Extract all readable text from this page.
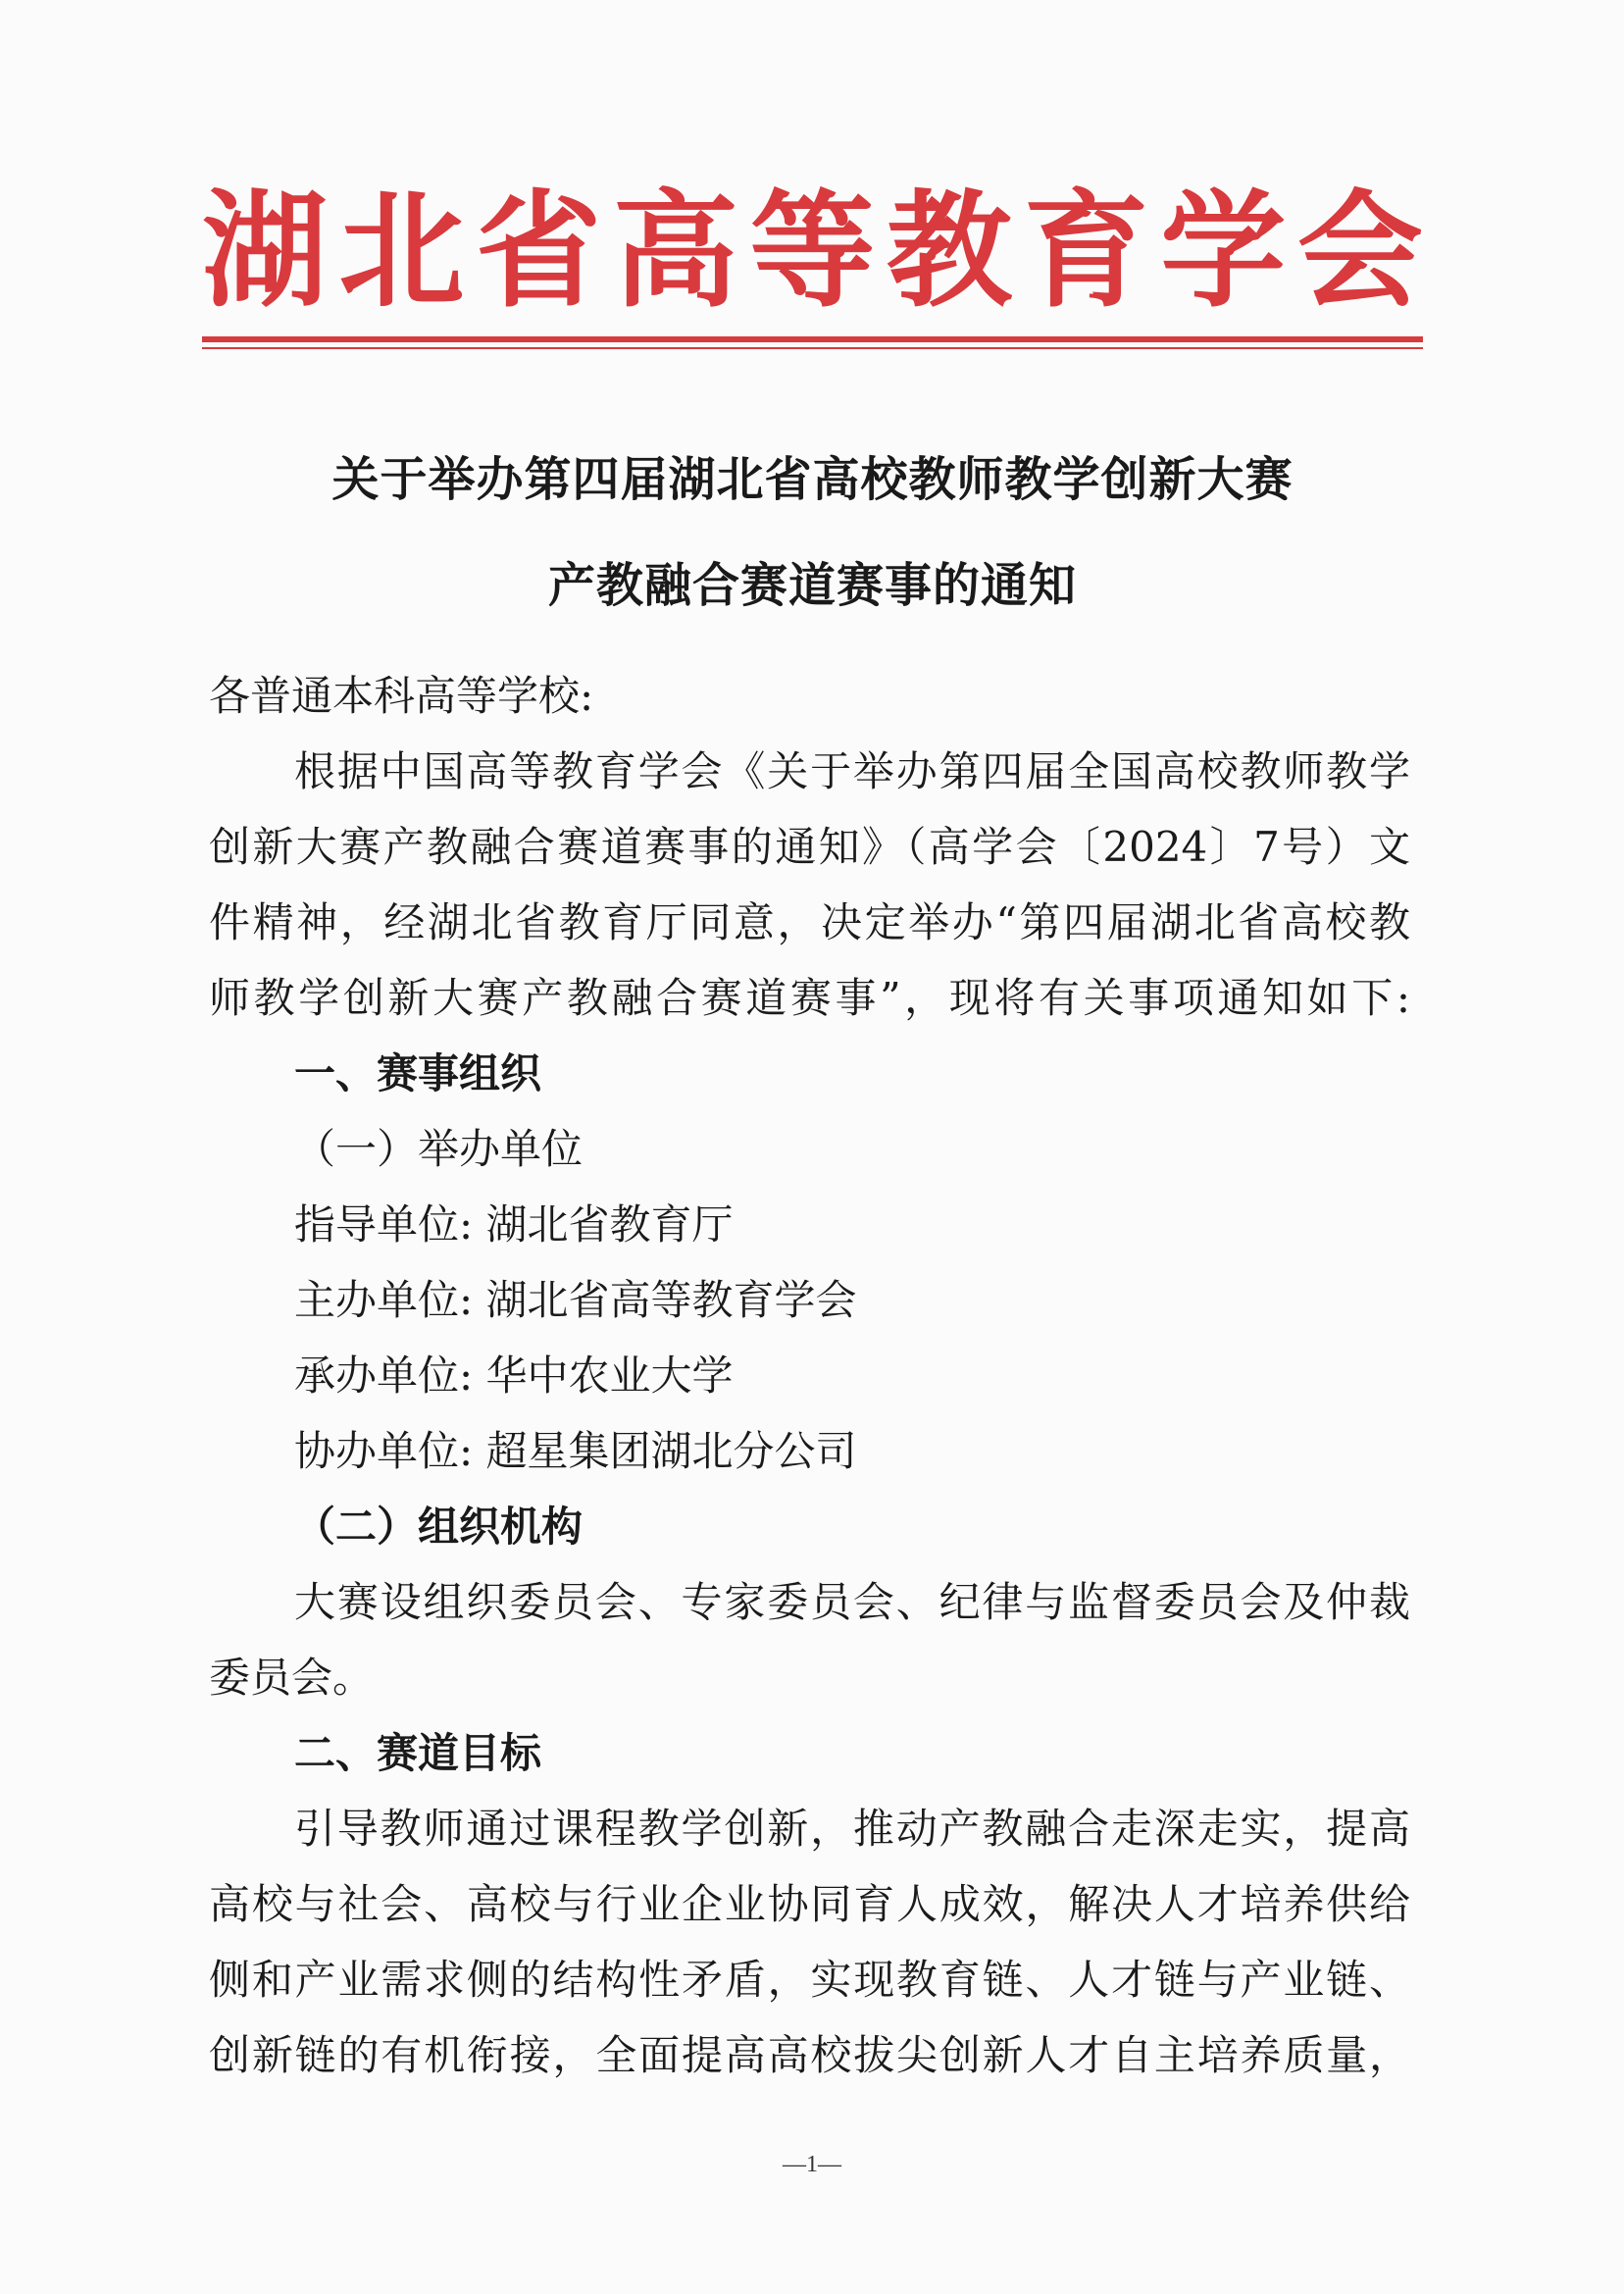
湖 北 省 高 等 教 育 学 会
关于举办第四届湖北省高校教师教学创新大赛
产教融合赛道赛事的通知
各普通本科高等学校:
根据中国高等教育学会《关于举办第四届全国高校教师教学
创新大赛产教融合赛道赛事的通知》（高学会〔2024〕7号）文
件精神，经湖北省教育厅同意，决定举办“第四届湖北省高校教
师教学创新大赛产教融合赛道赛事”，现将有关事项通知如下:
一、赛事组织
（一）举办单位
指导单位: 湖北省教育厅
主办单位: 湖北省高等教育学会
承办单位: 华中农业大学
协办单位: 超星集团湖北分公司
（二）组织机构
大赛设组织委员会、专家委员会、纪律与监督委员会及仲裁
委员会。
二、赛道目标
引导教师通过课程教学创新，推动产教融合走深走实，提高
高校与社会、高校与行业企业协同育人成效，解决人才培养供给
侧和产业需求侧的结构性矛盾，实现教育链、人才链与产业链、
创新链的有机衔接，全面提高高校拔尖创新人才自主培养质量，
—1—
